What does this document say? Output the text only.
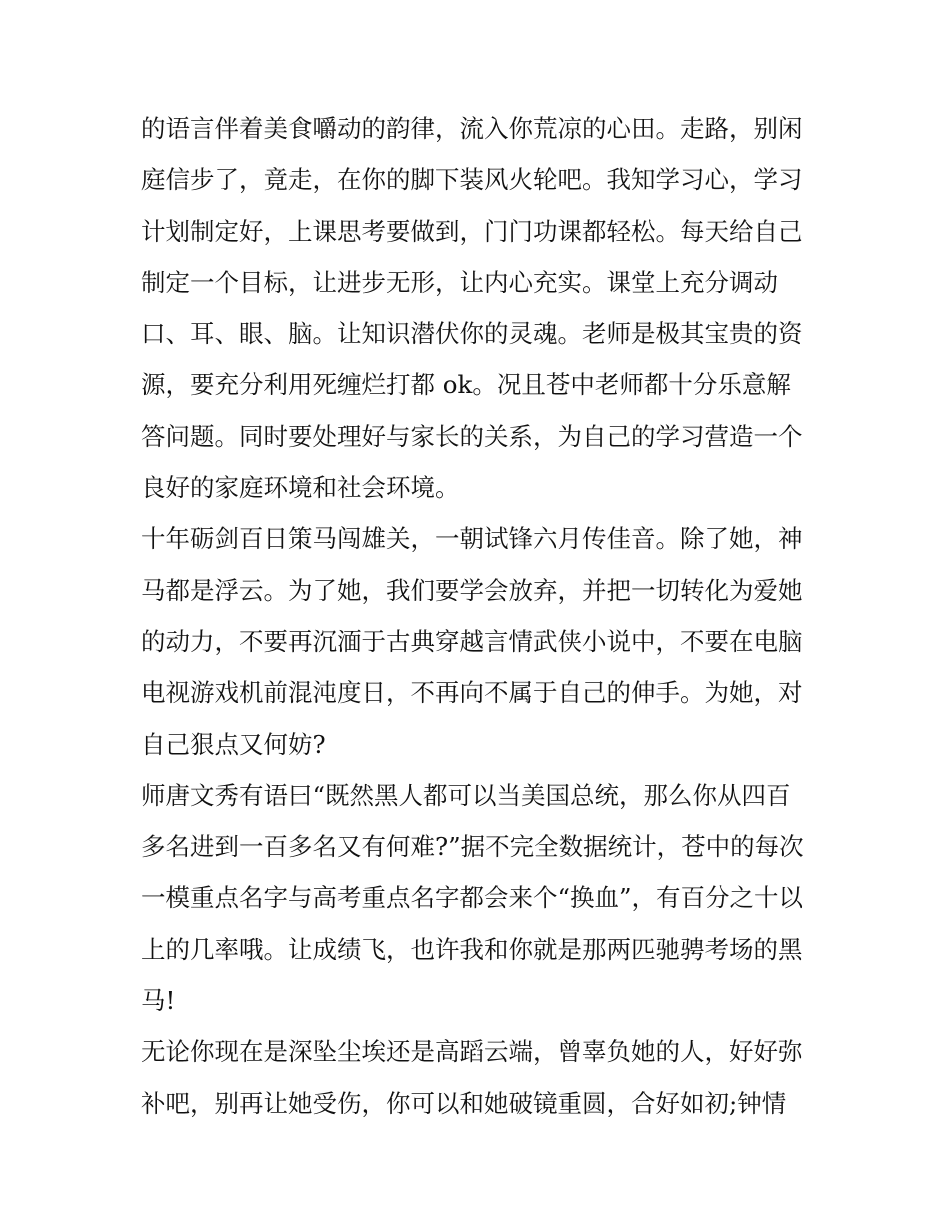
的语言伴着美食嚼动的韵律，流入你荒凉的心田。走路，别闲
庭信步了，竟走，在你的脚下装风火轮吧。我知学习心，学习
计划制定好，上课思考要做到，门门功课都轻松。每天给自己
制定一个目标，让进步无形，让内心充实。课堂上充分调动
口、耳、眼、脑。让知识潜伏你的灵魂。老师是极其宝贵的资
源，要充分利用死缠烂打都 ok。况且苍中老师都十分乐意解
答问题。同时要处理好与家长的关系，为自己的学习营造一个
良好的家庭环境和社会环境。
十年砺剑百日策马闯雄关，一朝试锋六月传佳音。除了她，神
马都是浮云。为了她，我们要学会放弃，并把一切转化为爱她
的动力，不要再沉湎于古典穿越言情武侠小说中，不要在电脑
电视游戏机前混沌度日，不再向不属于自己的伸手。为她，对
自己狠点又何妨?
师唐文秀有语曰“既然黑人都可以当美国总统，那么你从四百
多名进到一百多名又有何难?”据不完全数据统计，苍中的每次
一模重点名字与高考重点名字都会来个“换血”，有百分之十以
上的几率哦。让成绩飞，也许我和你就是那两匹驰骋考场的黑
马!
无论你现在是深坠尘埃还是高蹈云端，曾辜负她的人，好好弥
补吧，别再让她受伤，你可以和她破镜重圆，合好如初;钟情
